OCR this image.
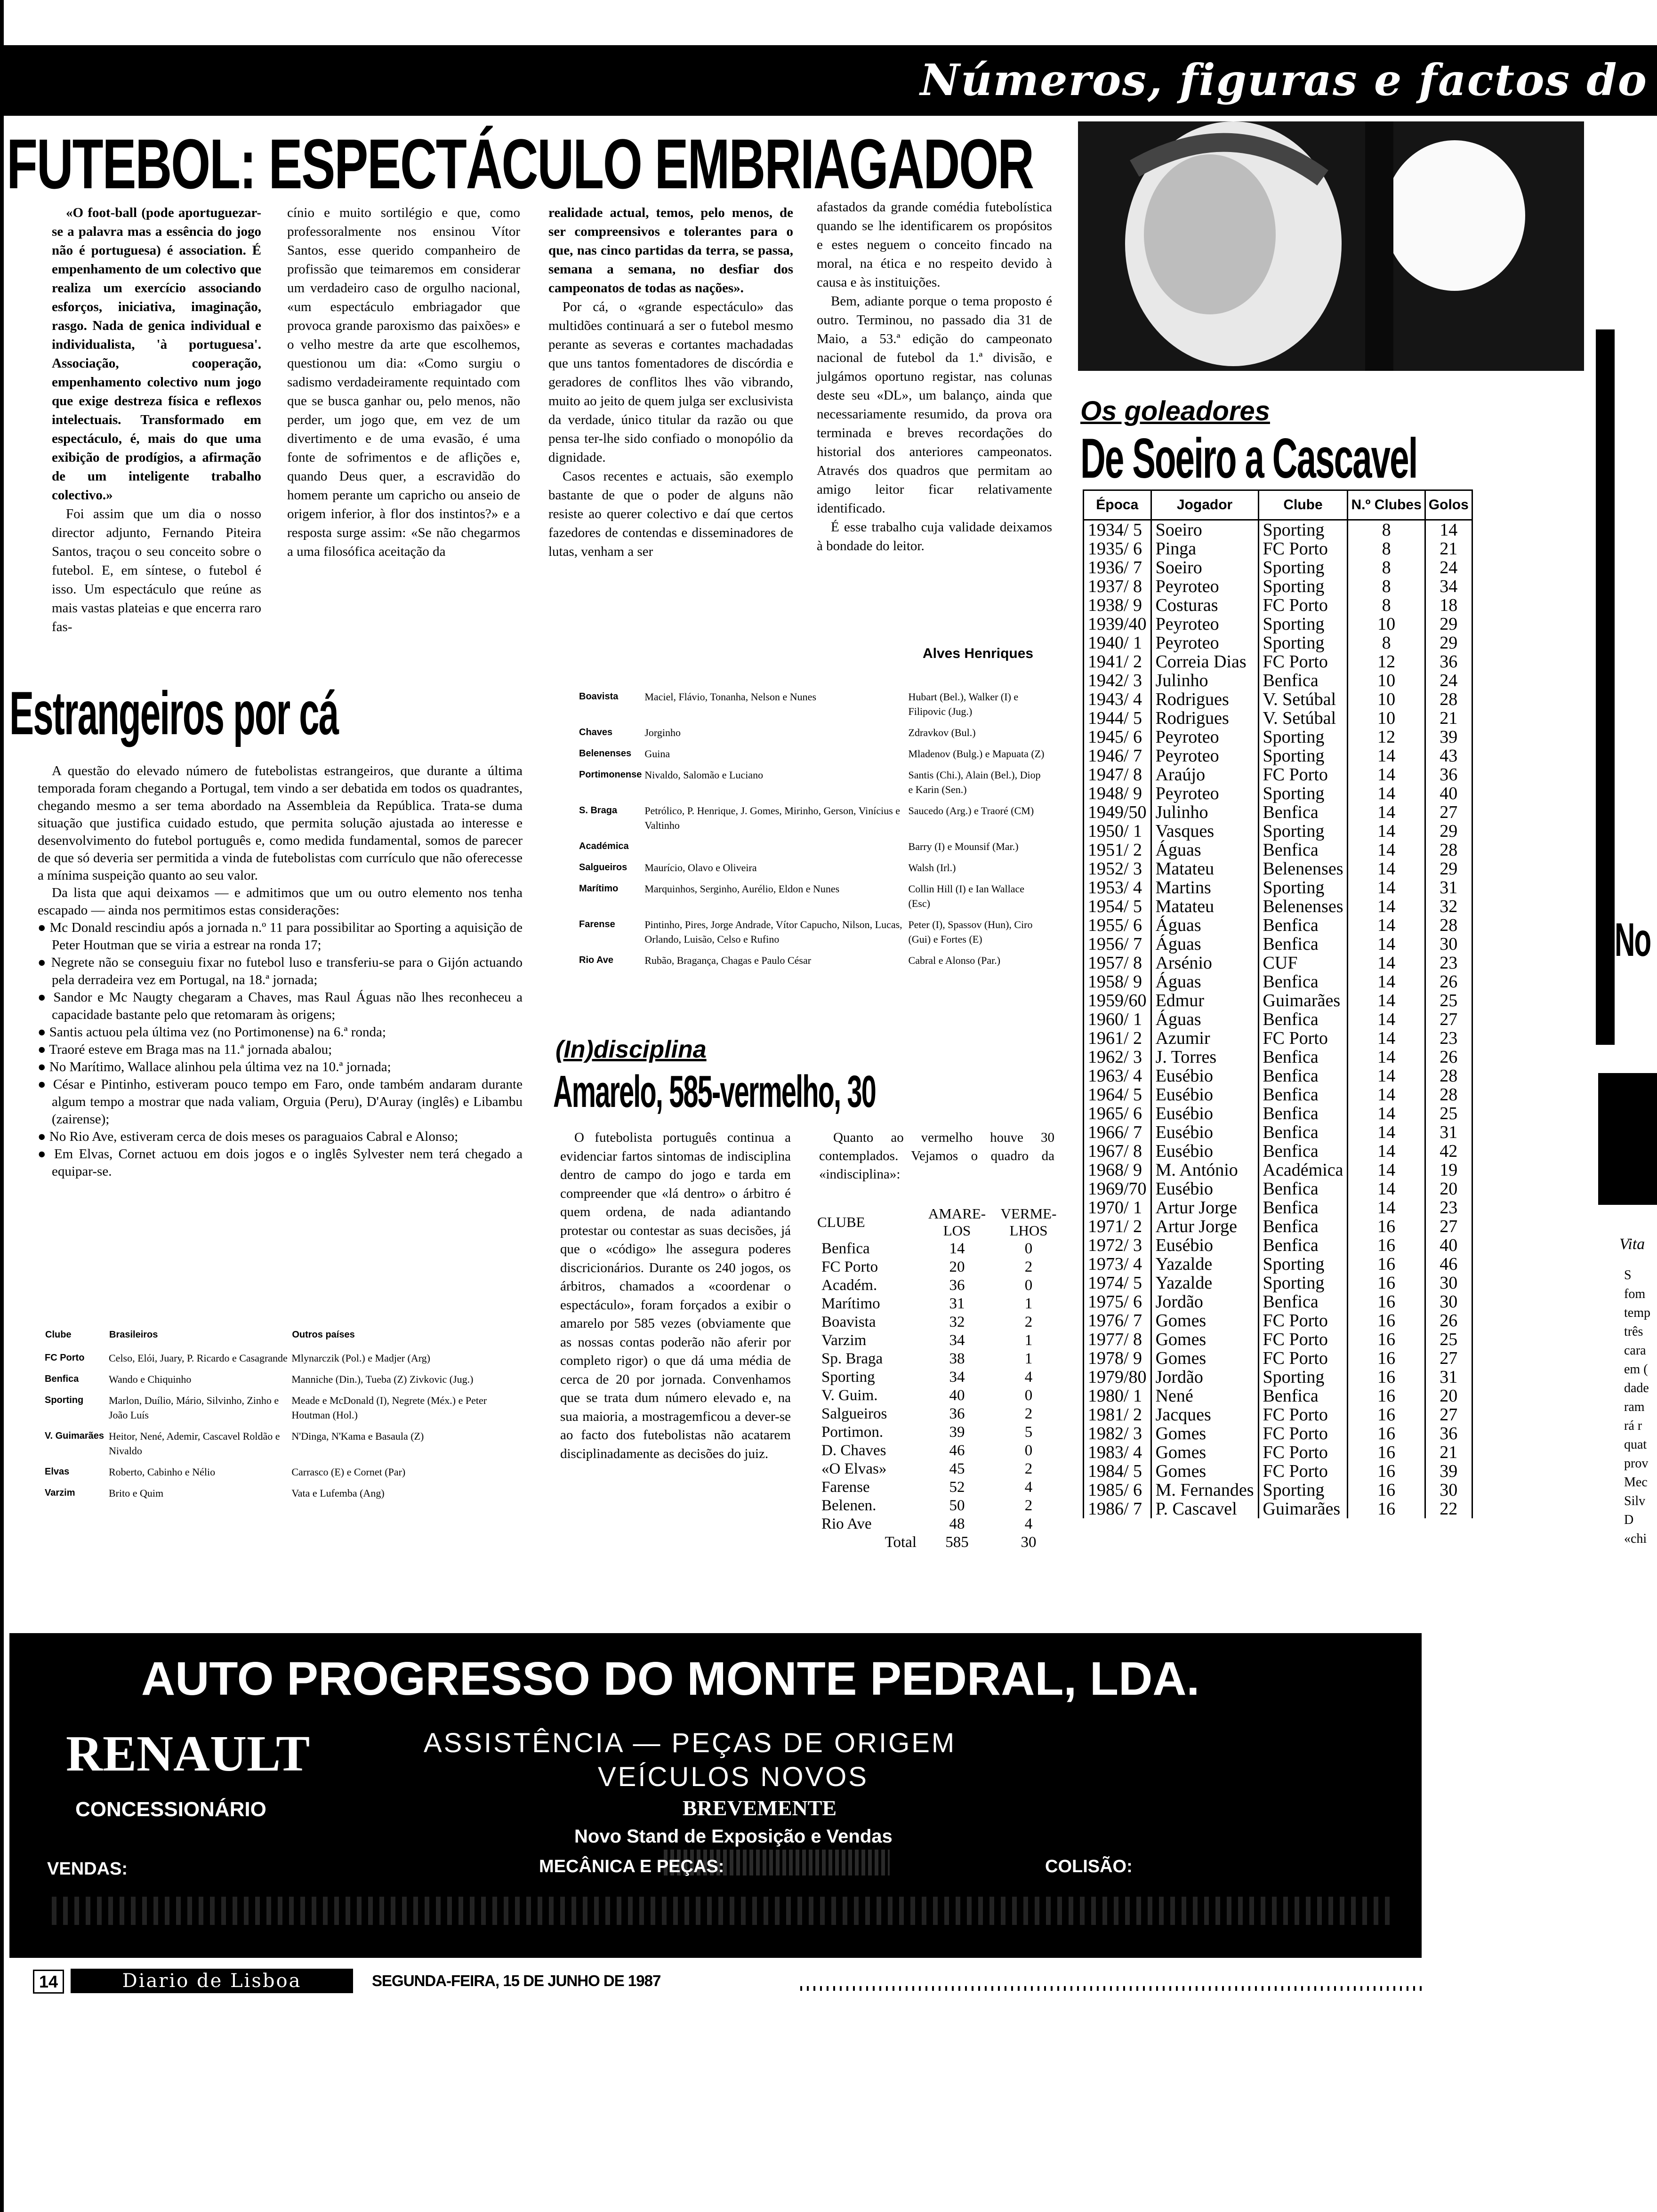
Números, figuras e factos do
FUTEBOL: ESPECTÁCULO EMBRIAGADOR

«O foot-ball (pode aportuguezar-se a palavra mas a essência do jogo não é portuguesa) é association. É empenhamento de um colectivo que realiza um exercício associando esforços, iniciativa, imaginação, rasgo. Nada de genica individual e individualista, 'à portuguesa'. Associação, cooperação, empenhamento colectivo num jogo que exige destreza física e reflexos intelectuais. Transformado em espectáculo, é, mais do que uma exibição de prodígios, a afirmação de um inteligente trabalho colectivo.»

Foi assim que um dia o nosso director adjunto, Fernando Piteira Santos, traçou o seu conceito sobre o futebol. E, em síntese, o futebol é isso. Um espectáculo que reúne as mais vastas plateias e que encerra raro fas-

cínio e muito sortilégio e que, como professoralmente nos ensinou Vítor Santos, esse querido companheiro de profissão que teimaremos em considerar um verdadeiro caso de orgulho nacional, «um espectáculo embriagador que provoca grande paroxismo das paixões» e o velho mestre da arte que escolhemos, questionou um dia: «Como surgiu o sadismo verdadeiramente requintado com que se busca ganhar ou, pelo menos, não perder, um jogo que, em vez de um divertimento e de uma evasão, é uma fonte de sofrimentos e de aflições e, quando Deus quer, a escravidão do homem perante um capricho ou anseio de origem inferior, à flor dos instintos?» e a resposta surge assim: «Se não chegarmos a uma filosófica aceitação da

realidade actual, temos, pelo menos, de ser compreensivos e tolerantes para o que, nas cinco partidas da terra, se passa, semana a semana, no desfiar dos campeonatos de todas as nações».

Por cá, o «grande espectáculo» das multidões continuará a ser o futebol mesmo perante as severas e cortantes machadadas que uns tantos fomentadores de discórdia e geradores de conflitos lhes vão vibrando, muito ao jeito de quem julga ser exclusivista da verdade, único titular da razão ou que pensa ter-lhe sido confiado o monopólio da dignidade.

Casos recentes e actuais, são exemplo bastante de que o poder de alguns não resiste ao querer colectivo e daí que certos fazedores de contendas e disseminadores de lutas, venham a ser

afastados da grande comédia futebolística quando se lhe identificarem os propósitos e estes neguem o conceito fincado na moral, na ética e no respeito devido à causa e às instituições.

Bem, adiante porque o tema proposto é outro. Terminou, no passado dia 31 de Maio, a 53.ª edição do campeonato nacional de futebol da 1.ª divisão, e julgámos oportuno registar, nas colunas deste seu «DL», um balanço, ainda que necessariamente resumido, da prova ora terminada e breves recordações do historial dos anteriores campeonatos. Através dos quadros que permitam ao amigo leitor ficar relativamente identificado.

É esse trabalho cuja validade deixamos à bondade do leitor.

Alves Henriques
Os goleadores
De Soeiro a Cascavel
Época	Jogador	Clube	N.º Clubes	Golos
1934/ 5	Soeiro	Sporting	8	14
1935/ 6	Pinga	FC Porto	8	21
1936/ 7	Soeiro	Sporting	8	24
1937/ 8	Peyroteo	Sporting	8	34
1938/ 9	Costuras	FC Porto	8	18
1939/40	Peyroteo	Sporting	10	29
1940/ 1	Peyroteo	Sporting	8	29
1941/ 2	Correia Dias	FC Porto	12	36
1942/ 3	Julinho	Benfica	10	24
1943/ 4	Rodrigues	V. Setúbal	10	28
1944/ 5	Rodrigues	V. Setúbal	10	21
1945/ 6	Peyroteo	Sporting	12	39
1946/ 7	Peyroteo	Sporting	14	43
1947/ 8	Araújo	FC Porto	14	36
1948/ 9	Peyroteo	Sporting	14	40
1949/50	Julinho	Benfica	14	27
1950/ 1	Vasques	Sporting	14	29
1951/ 2	Águas	Benfica	14	28
1952/ 3	Matateu	Belenenses	14	29
1953/ 4	Martins	Sporting	14	31
1954/ 5	Matateu	Belenenses	14	32
1955/ 6	Águas	Benfica	14	28
1956/ 7	Águas	Benfica	14	30
1957/ 8	Arsénio	CUF	14	23
1958/ 9	Águas	Benfica	14	26
1959/60	Edmur	Guimarães	14	25
1960/ 1	Águas	Benfica	14	27
1961/ 2	Azumir	FC Porto	14	23
1962/ 3	J. Torres	Benfica	14	26
1963/ 4	Eusébio	Benfica	14	28
1964/ 5	Eusébio	Benfica	14	28
1965/ 6	Eusébio	Benfica	14	25
1966/ 7	Eusébio	Benfica	14	31
1967/ 8	Eusébio	Benfica	14	42
1968/ 9	M. António	Académica	14	19
1969/70	Eusébio	Benfica	14	20
1970/ 1	Artur Jorge	Benfica	14	23
1971/ 2	Artur Jorge	Benfica	16	27
1972/ 3	Eusébio	Benfica	16	40
1973/ 4	Yazalde	Sporting	16	46
1974/ 5	Yazalde	Sporting	16	30
1975/ 6	Jordão	Benfica	16	30
1976/ 7	Gomes	FC Porto	16	26
1977/ 8	Gomes	FC Porto	16	25
1978/ 9	Gomes	FC Porto	16	27
1979/80	Jordão	Sporting	16	31
1980/ 1	Nené	Benfica	16	20
1981/ 2	Jacques	FC Porto	16	27
1982/ 3	Gomes	FC Porto	16	36
1983/ 4	Gomes	FC Porto	16	21
1984/ 5	Gomes	FC Porto	16	39
1985/ 6	M. Fernandes	Sporting	16	30
1986/ 7	P. Cascavel	Guimarães	16	22
Estrangeiros por cá

A questão do elevado número de futebolistas estrangeiros, que durante a última temporada foram chegando a Portugal, tem vindo a ser debatida em todos os quadrantes, chegando mesmo a ser tema abordado na Assembleia da República. Trata-se duma situação que justifica cuidado estudo, que permita solução ajustada ao interesse e desenvolvimento do futebol português e, como medida fundamental, somos de parecer de que só deveria ser permitida a vinda de futebolistas com currículo que não oferecesse a mínima suspeição quanto ao seu valor.

Da lista que aqui deixamos — e admitimos que um ou outro elemento nos tenha escapado — ainda nos permitimos estas considerações:

● Mc Donald rescindiu após a jornada n.º 11 para possibilitar ao Sporting a aquisição de Peter Houtman que se viria a estrear na ronda 17;
● Negrete não se conseguiu fixar no futebol luso e transferiu-se para o Gijón actuando pela derradeira vez em Portugal, na 18.ª jornada;
● Sandor e Mc Naugty chegaram a Chaves, mas Raul Águas não lhes reconheceu a capacidade bastante pelo que retomaram às origens;
● Santis actuou pela última vez (no Portimonense) na 6.ª ronda;
● Traoré esteve em Braga mas na 11.ª jornada abalou;
● No Marítimo, Wallace alinhou pela última vez na 10.ª jornada;
● César e Pintinho, estiveram pouco tempo em Faro, onde também andaram durante algum tempo a mostrar que nada valiam, Orguia (Peru), D'Auray (inglês) e Libambu (zairense);
● No Rio Ave, estiveram cerca de dois meses os paraguaios Cabral e Alonso;

● Em Elvas, Cornet actuou em dois jogos e o inglês Sylvester nem terá chegado a equipar-se.

Clube	Brasileiros	Outros países
FC Porto	Celso, Elói, Juary, P. Ricardo e Casagrande	Mlynarczik (Pol.) e Madjer (Arg)
Benfica	Wando e Chiquinho	Manniche (Din.), Tueba (Z) Zivkovic (Jug.)
Sporting	Marlon, Duílio, Mário, Silvinho, Zinho e João Luís	Meade e McDonald (I), Negrete (Méx.) e Peter Houtman (Hol.)
V. Guimarães	Heitor, Nené, Ademir, Cascavel Roldão e Nivaldo	N'Dinga, N'Kama e Basaula (Z)
Elvas	Roberto, Cabinho e Nélio	Carrasco (E) e Cornet (Par)
Varzim	Brito e Quim	Vata e Lufemba (Ang)
Boavista	Maciel, Flávio, Tonanha, Nelson e Nunes	Hubart (Bel.), Walker (I) e Filipovic (Jug.)
Chaves	Jorginho	Zdravkov (Bul.)
Belenenses	Guina	Mladenov (Bulg.) e Mapuata (Z)
Portimonense	Nivaldo, Salomão e Luciano	Santis (Chi.), Alain (Bel.), Diop e Karin (Sen.)
S. Braga	Petrólico, P. Henrique, J. Gomes, Mirinho, Gerson, Vinícius e Valtinho	Saucedo (Arg.) e Traoré (CM)
Académica		Barry (I) e Mounsif (Mar.)
Salgueiros	Maurício, Olavo e Oliveira	Walsh (Irl.)
Marítimo	Marquinhos, Serginho, Aurélio, Eldon e Nunes	Collin Hill (I) e Ian Wallace (Esc)
Farense	Pintinho, Pires, Jorge Andrade, Vítor Capucho, Nilson, Lucas, Orlando, Luisão, Celso e Rufino	Peter (I), Spassov (Hun), Ciro (Gui) e Fortes (E)
Rio Ave	Rubão, Bragança, Chagas e Paulo César	Cabral e Alonso (Par.)
(In)disciplina
Amarelo, 585-vermelho, 30

O futebolista português continua a evidenciar fartos sintomas de indisciplina dentro de campo do jogo e tarda em compreender que «lá dentro» o árbitro é quem ordena, de nada adiantando protestar ou contestar as suas decisões, já que o «código» lhe assegura poderes discricionários. Durante os 240 jogos, os árbitros, chamados a «coordenar o espectáculo», foram forçados a exibir o amarelo por 585 vezes (obviamente que as nossas contas poderão não aferir por completo rigor) o que dá uma média de cerca de 20 por jornada. Convenhamos que se trata dum número elevado e, na sua maioria, a mostragemficou a dever-se ao facto dos futebolistas não acatarem disciplinadamente as decisões do juiz.

Quanto ao vermelho houve 30 contemplados. Vejamos o quadro da «indisciplina»:

CLUBE	AMARE-LOS	VERME-LHOS
Benfica	14	0
FC Porto	20	2
Académ.	36	0
Marítimo	31	1
Boavista	32	2
Varzim	34	1
Sp. Braga	38	1
Sporting	34	4
V. Guim.	40	0
Salgueiros	36	2
Portimon.	39	5
D. Chaves	46	0
«O Elvas»	45	2
Farense	52	4
Belenen.	50	2
Rio Ave	48	4
Total	585	30
No
Vita
S
fom
temp
três
cara
em (
dade
ram
rá r
quat
prov
Mec
Silv
D
«chi
AUTO PROGRESSO DO MONTE PEDRAL, LDA.
ASSISTÊNCIA — PEÇAS DE ORIGEM
VEÍCULOS NOVOS
RENAULT
CONCESSIONÁRIO	BREVEMENTE
Novo Stand de Exposição e Vendas
VENDAS:	MECÂNICA E PEÇAS:	COLISÃO:
14	Diario de Lisboa	SEGUNDA-FEIRA, 15 DE JUNHO DE 1987
